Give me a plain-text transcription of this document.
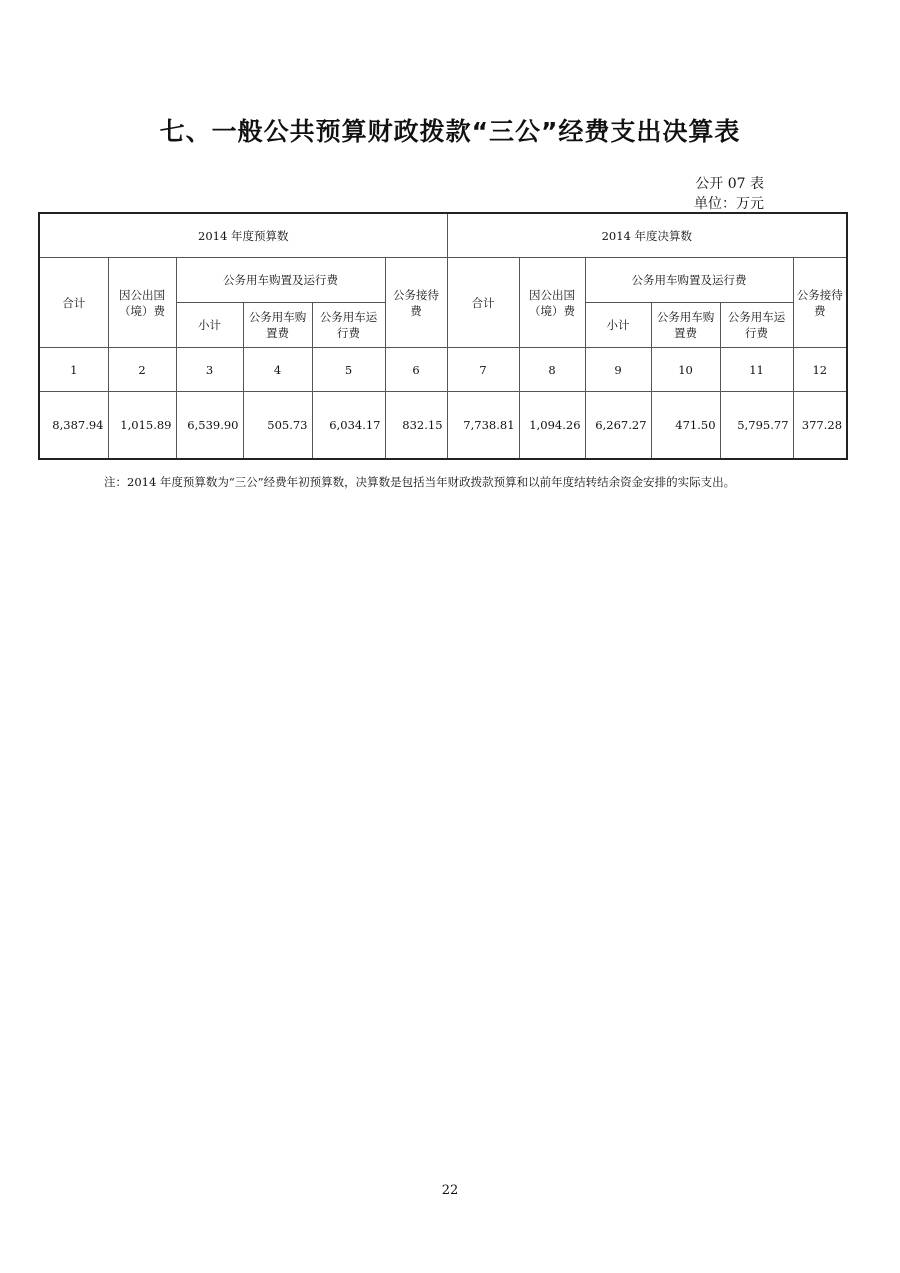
七、一般公共预算财政拨款“三公”经费支出决算表
公开 07 表
单位：万元
2014 年度预算数						2014 年度决算数					
合计	因公出国（境）费	公务用车购置及运行费			公务接待费	合计	因公出国（境）费	公务用车购置及运行费			公务接待费
		小计	公务用车购置费	公务用车运行费				小计	公务用车购置费	公务用车运行费	
1	2	3	4	5	6	7	8	9	10	11	12
8,387.94	1,015.89	6,539.90	505.73	6,034.17	832.15	7,738.81	1,094.26	6,267.27	471.50	5,795.77	377.28
注：2014 年度预算数为“三公”经费年初预算数，决算数是包括当年财政拨款预算和以前年度结转结余资金安排的实际支出。
22
